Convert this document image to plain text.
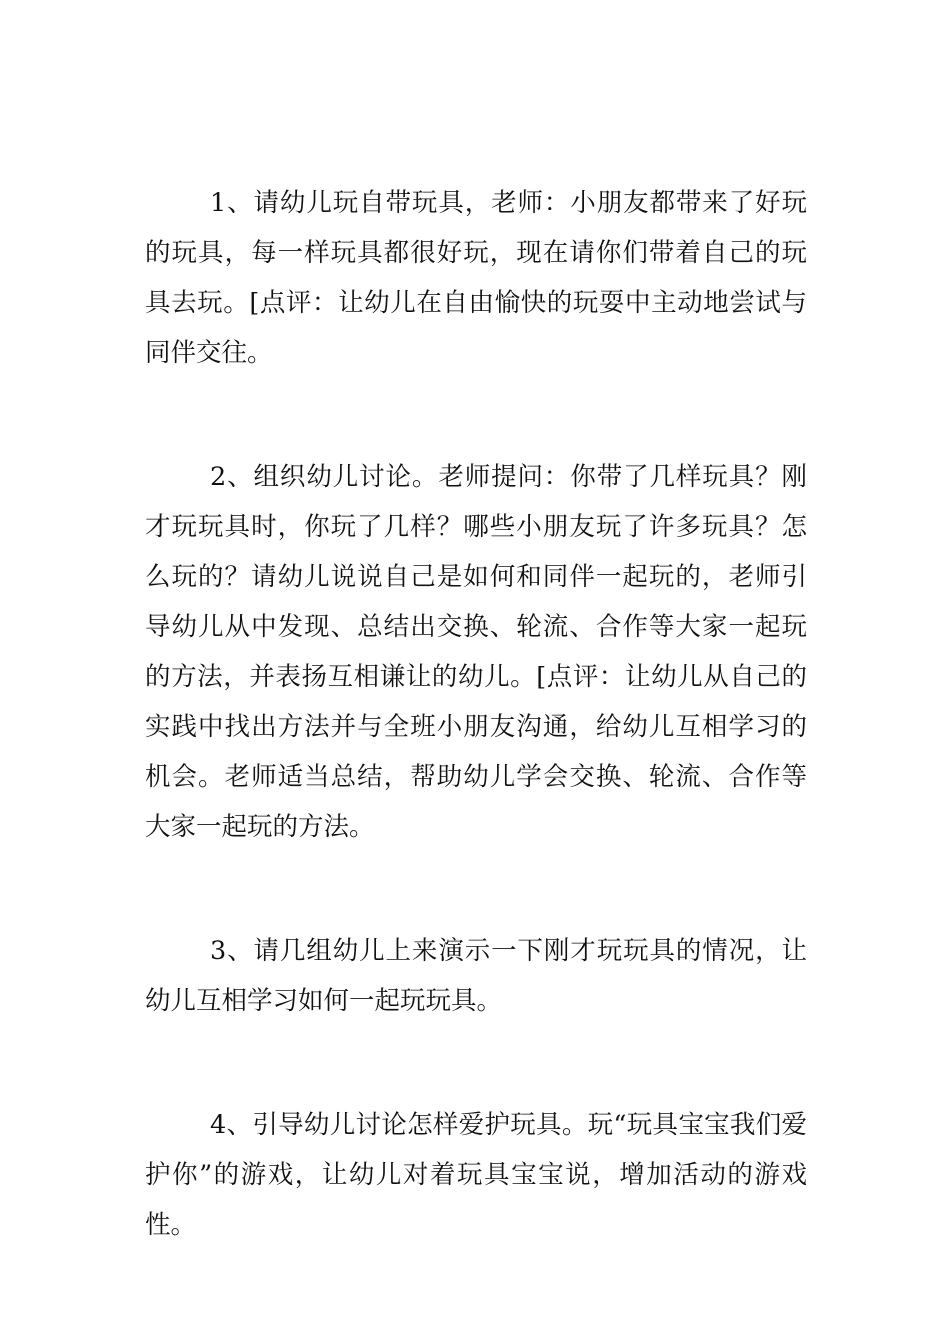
1、请幼儿玩自带玩具，老师：小朋友都带来了好玩的玩具，每一样玩具都很好玩，现在请你们带着自己的玩具去玩。[点评：让幼儿在自由愉快的玩耍中主动地尝试与同伴交往。

2、组织幼儿讨论。老师提问：你带了几样玩具？刚才玩玩具时，你玩了几样？哪些小朋友玩了许多玩具？怎么玩的？请幼儿说说自己是如何和同伴一起玩的，老师引导幼儿从中发现、总结出交换、轮流、合作等大家一起玩的方法，并表扬互相谦让的幼儿。[点评：让幼儿从自己的实践中找出方法并与全班小朋友沟通，给幼儿互相学习的机会。老师适当总结，帮助幼儿学会交换、轮流、合作等大家一起玩的方法。

3、请几组幼儿上来演示一下刚才玩玩具的情况，让幼儿互相学习如何一起玩玩具。

4、引导幼儿讨论怎样爱护玩具。玩“玩具宝宝我们爱护你”的游戏，让幼儿对着玩具宝宝说，增加活动的游戏性。
